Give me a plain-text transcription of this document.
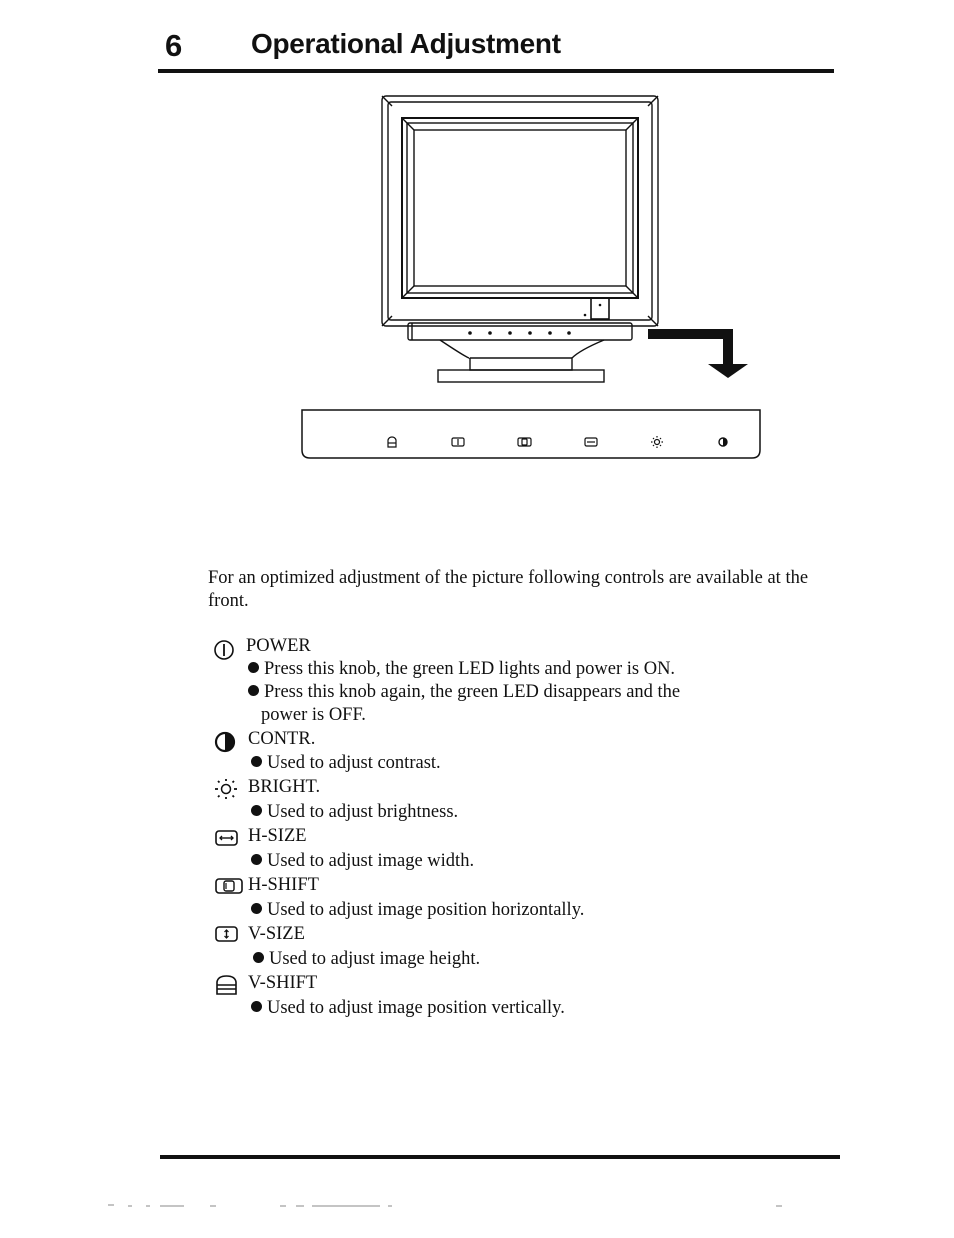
6 Operational Adjustment
For an optimized adjustment of the picture following controls are available at the front.
POWER
Press this knob, the green LED lights and power is ON.
Press this knob again, the green LED disappears and the
power is OFF.
CONTR.
Used to adjust contrast.
BRIGHT.
Used to adjust brightness.
H-SIZE
Used to adjust image width.
H-SHIFT
Used to adjust image position horizontally.
V-SIZE
Used to adjust image height.
V-SHIFT
Used to adjust image position vertically.
